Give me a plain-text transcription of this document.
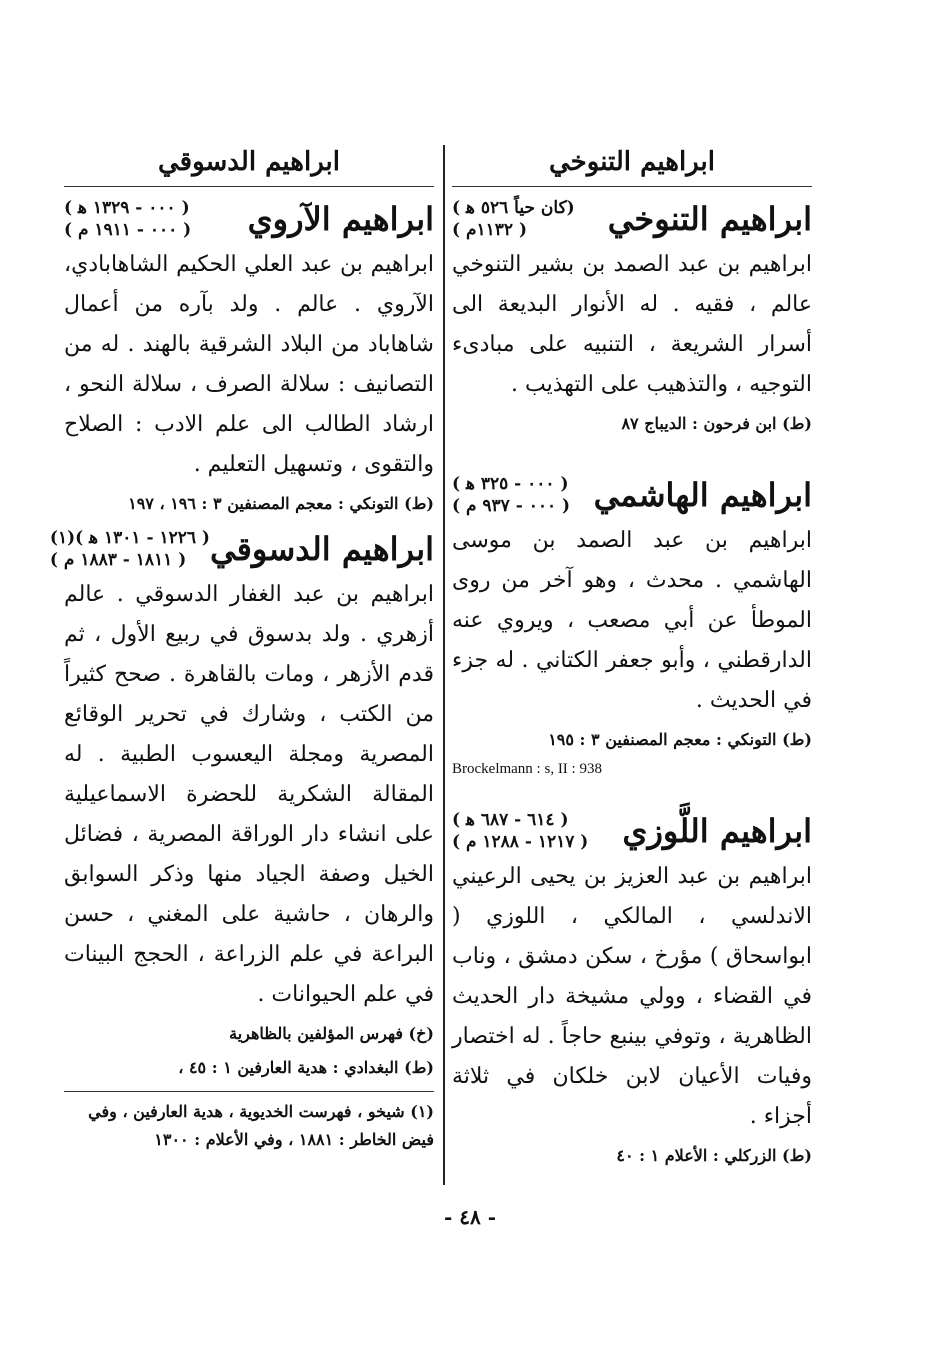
ابراهيم التنوخي
ابراهيم التنوخي
(كان حياً ٥٢٦ ﻫ )
( ١١٣٢م )
ابراهيم بن عبد الصمد بن بشير التنوخي عالم ، فقيه . له الأنوار البديعة الى أسرار الشريعة ، التنبيه على مبادىء التوجيه ، والتذهيب على التهذيب .
(ط) ابن فرحون : الديباج ٨٧
ابراهيم الهاشمي
( ٠٠٠ - ٣٢٥ ﻫ )
( ٠٠٠ - ٩٣٧ م )
ابراهيم بن عبد الصمد بن موسى الهاشمي . محدث ، وهو آخر من روى الموطأ عن أبي مصعب ، ويروي عنه الدارقطني ، وأبو جعفر الكتاني . له جزء في الحديث .
(ط) التونكي : معجم المصنفين ٣ : ١٩٥
Brockelmann : s, II : 938
ابراهيم اللَّوزي
( ٦١٤ - ٦٨٧ ﻫ )
( ١٢١٧ - ١٢٨٨ م )
ابراهيم بن عبد العزيز بن يحيى الرعيني الاندلسي ، المالكي ، اللوزي ( ابواسحاق ) مؤرخ ، سكن دمشق ، وناب في القضاء ، وولي مشيخة دار الحديث الظاهرية ، وتوفي بينبع حاجاً . له اختصار وفيات الأعيان لابن خلكان في ثلاثة أجزاء .
(ط) الزركلي : الأعلام ١ : ٤٠
ابراهيم الدسوقي
ابراهيم الآروي
( ٠٠٠ - ١٣٢٩ ﻫ )
( ٠٠٠ - ١٩١١ م )
ابراهيم بن عبد العلي الحكيم الشاهابادي، الآروي . عالم . ولد بآره من أعمال شاهاباد من البلاد الشرقية بالهند . له من التصانيف : سلالة الصرف ، سلالة النحو ، ارشاد الطالب الى علم الادب : الصلاح والتقوى ، وتسهيل التعليم .
(ط) التونكي : معجم المصنفين ٣ : ١٩٦ ، ١٩٧
ابراهيم الدسوقي
( ١٢٢٦ - ١٣٠١ ﻫ )(١)
( ١٨١١ - ١٨٨٣ م )
ابراهيم بن عبد الغفار الدسوقي . عالم أزهري . ولد بدسوق في ربيع الأول ، ثم قدم الأزهر ، ومات بالقاهرة . صحح كثيراً من الكتب ، وشارك في تحرير الوقائع المصرية ومجلة اليعسوب الطبية . له المقالة الشكرية للحضرة الاسماعيلية على انشاء دار الوراقة المصرية ، فضائل الخيل وصفة الجياد منها وذكر السوابق والرهان ، حاشية على المغني ، حسن البراعة في علم الزراعة ، الحجج البينات في علم الحيوانات .
(خ) فهرس المؤلفين بالظاهرية
(ط) البغدادي : هدية العارفين ١ : ٤٥ ،
(١) شيخو ، فهرست الخديوية ، هدية العارفين ، وفي فيض الخاطر : ١٨٨١ ، وفي الأعلام : ١٣٠٠
- ٤٨ -
